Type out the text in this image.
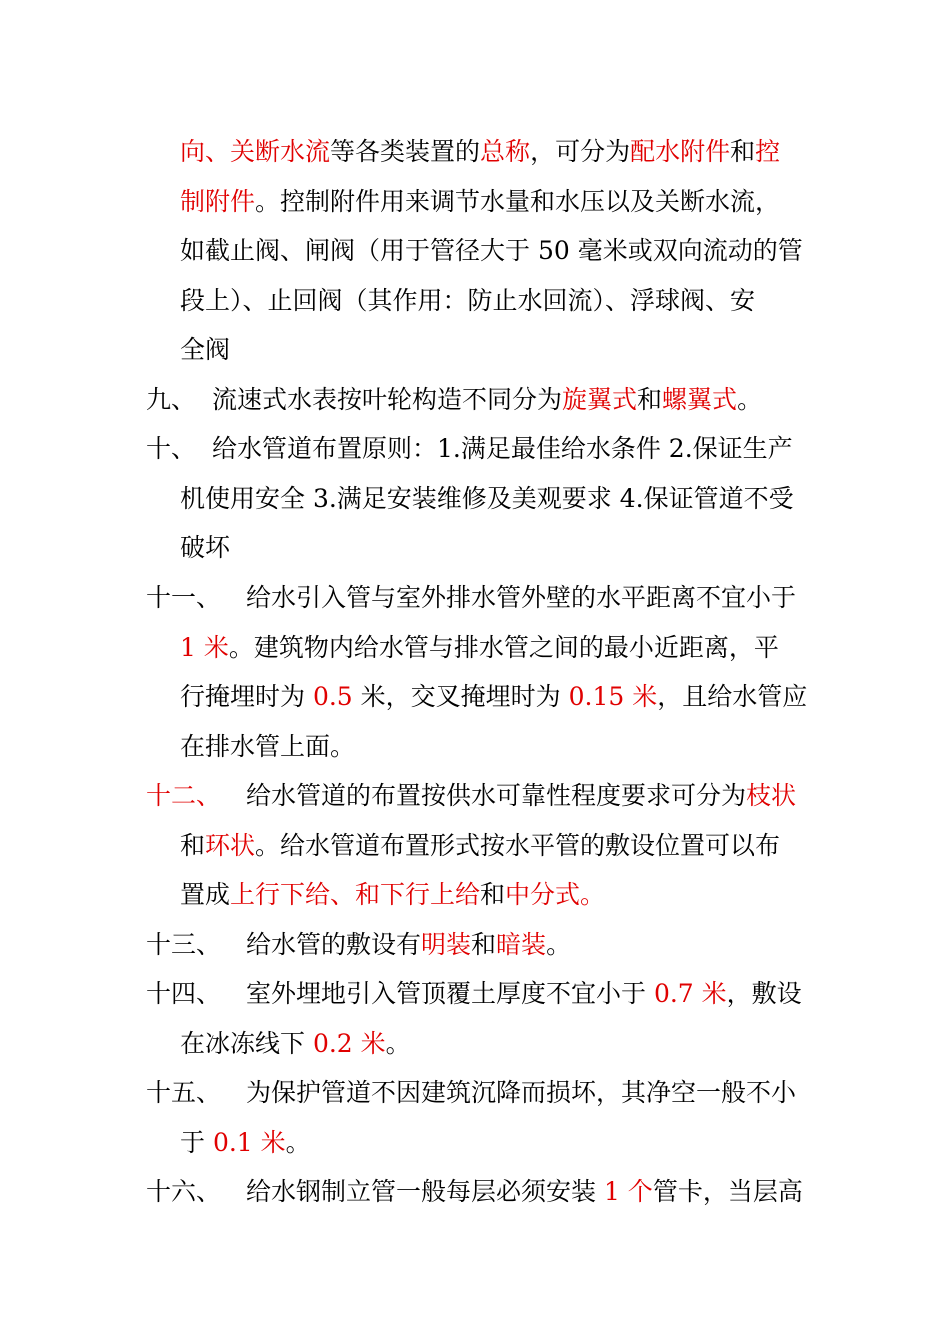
向、关断水流等各类装置的总称，可分为配水附件和控
制附件。控制附件用来调节水量和水压以及关断水流，
如截止阀、闸阀（用于管径大于 50 毫米或双向流动的管
段上）、止回阀（其作用：防止水回流）、浮球阀、安
全阀
九、 流速式水表按叶轮构造不同分为旋翼式和螺翼式。
十、 给水管道布置原则：1.满足最佳给水条件 2.保证生产
机使用安全 3.满足安装维修及美观要求 4.保证管道不受
破坏
十一、 给水引入管与室外排水管外壁的水平距离不宜小于
1 米。建筑物内给水管与排水管之间的最小近距离，平
行掩埋时为 0.5 米，交叉掩埋时为 0.15 米，且给水管应
在排水管上面。
十二、 给水管道的布置按供水可靠性程度要求可分为枝状
和环状。给水管道布置形式按水平管的敷设位置可以布
置成上行下给、和下行上给和中分式。
十三、 给水管的敷设有明装和暗装。
十四、 室外埋地引入管顶覆土厚度不宜小于 0.7 米，敷设
在冰冻线下 0.2 米。
十五、 为保护管道不因建筑沉降而损坏，其净空一般不小
于 0.1 米。
十六、 给水钢制立管一般每层必须安装 1 个管卡，当层高
